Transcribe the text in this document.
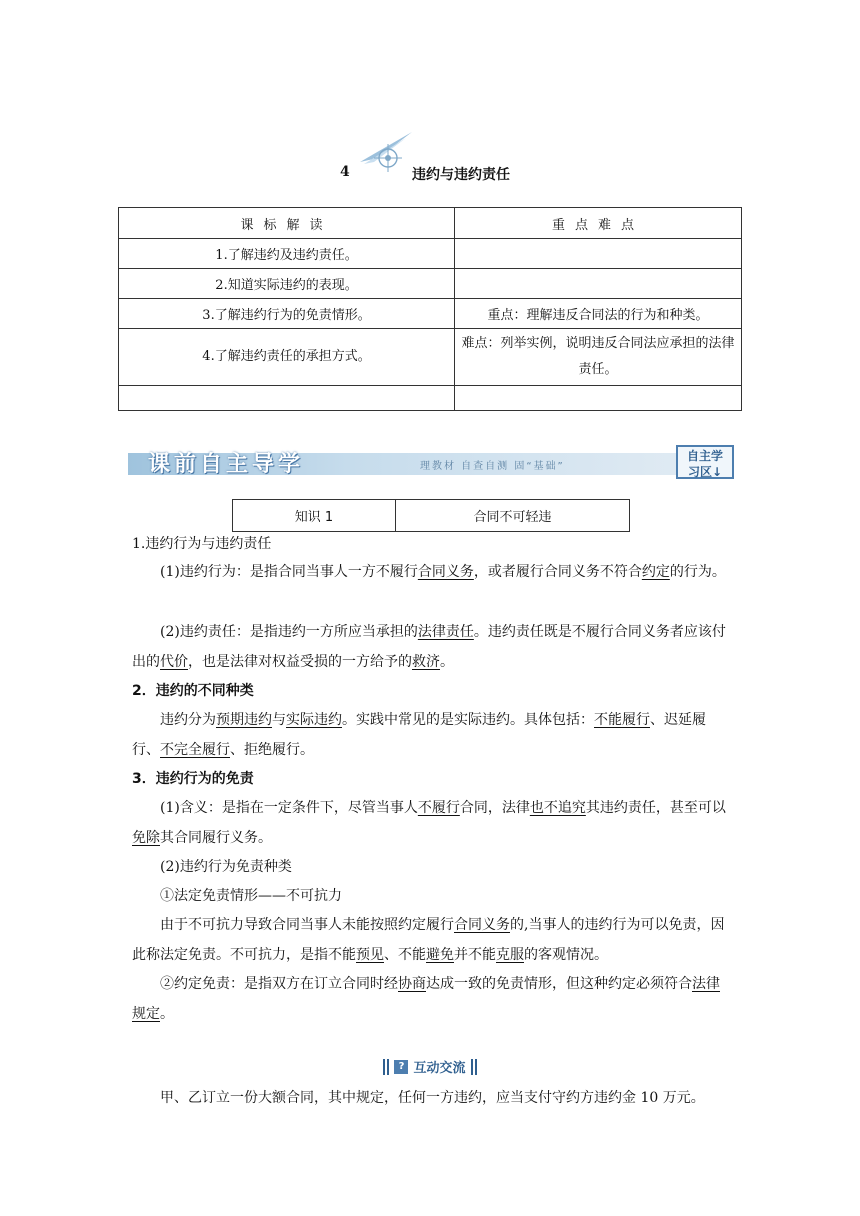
4	违约与违约责任
课标解读	重点难点
1.了解违约及违约责任。	
2.知道实际违约的表现。	
3.了解违约行为的免责情形。	重点：理解违反合同法的行为和种类。
4.了解违约责任的承担方式。	难点：列举实例，说明违反合同法应承担的法律责任。

课前自主导学	理教材 自查自测 固“基础”
自主学
习区↓
知识 1	合同不可轻违

1.违约行为与违约责任

(1)违约行为：是指合同当事人一方不履行合同义务，或者履行合同义务不符合约定的行为。

(2)违约责任：是指违约一方所应当承担的法律责任。违约责任既是不履行合同义务者应该付出的代价，也是法律对权益受损的一方给予的救济。

2．违约的不同种类

违约分为预期违约与实际违约。实践中常见的是实际违约。具体包括：不能履行、迟延履行、不完全履行、拒绝履行。

3．违约行为的免责

(1)含义：是指在一定条件下，尽管当事人不履行合同，法律也不追究其违约责任，甚至可以免除其合同履行义务。

(2)违约行为免责种类

①法定免责情形——不可抗力

由于不可抗力导致合同当事人未能按照约定履行合同义务的,当事人的违约行为可以免责，因此称法定免责。不可抗力，是指不能预见、不能避免并不能克服的客观情况。

②约定免责：是指双方在订立合同时经协商达成一致的免责情形，但这种约定必须符合法律规定。

? 互动交流

甲、乙订立一份大额合同，其中规定，任何一方违约，应当支付守约方违约金 10 万元。
